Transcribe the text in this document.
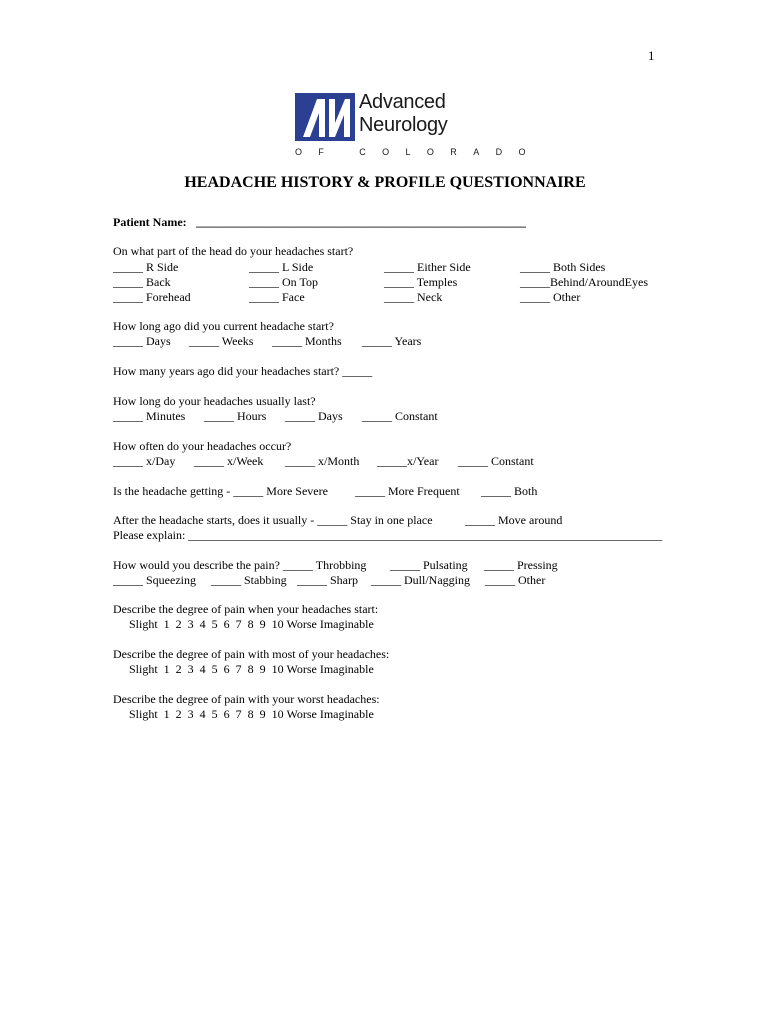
1
Advanced
Neurology
OF COLORADO
HEADACHE HISTORY & PROFILE QUESTIONNAIRE
Patient Name: _______________________________________________________
On what part of the head do your headaches start?
_____ R Side	_____ L Side	_____ Either Side	_____ Both Sides
_____ Back	_____ On Top	_____ Temples	_____Behind/AroundEyes
_____ Forehead	_____ Face	_____ Neck	_____ Other
How long ago did you current headache start?
_____ Days _____ Weeks _____ Months _____ Years
How many years ago did your headaches start? _____
How long do your headaches usually last?
_____ Minutes _____ Hours _____ Days _____ Constant
How often do your headaches occur?
_____ x/Day _____ x/Week _____ x/Month _____x/Year _____ Constant
Is the headache getting - _____ More Severe _____ More Frequent _____ Both
After the headache starts, does it usually - _____ Stay in one place	_____ Move around
Please explain: _______________________________________________________________________________
How would you describe the pain? _____ Throbbing _____ Pulsating _____ Pressing
_____ Squeezing _____ Stabbing _____ Sharp _____ Dull/Nagging _____ Other
Describe the degree of pain when your headaches start:
Slight  1  2  3  4  5  6  7  8  9  10 Worse Imaginable
Describe the degree of pain with most of your headaches:
Slight  1  2  3  4  5  6  7  8  9  10 Worse Imaginable
Describe the degree of pain with your worst headaches:
Slight  1  2  3  4  5  6  7  8  9  10 Worse Imaginable
